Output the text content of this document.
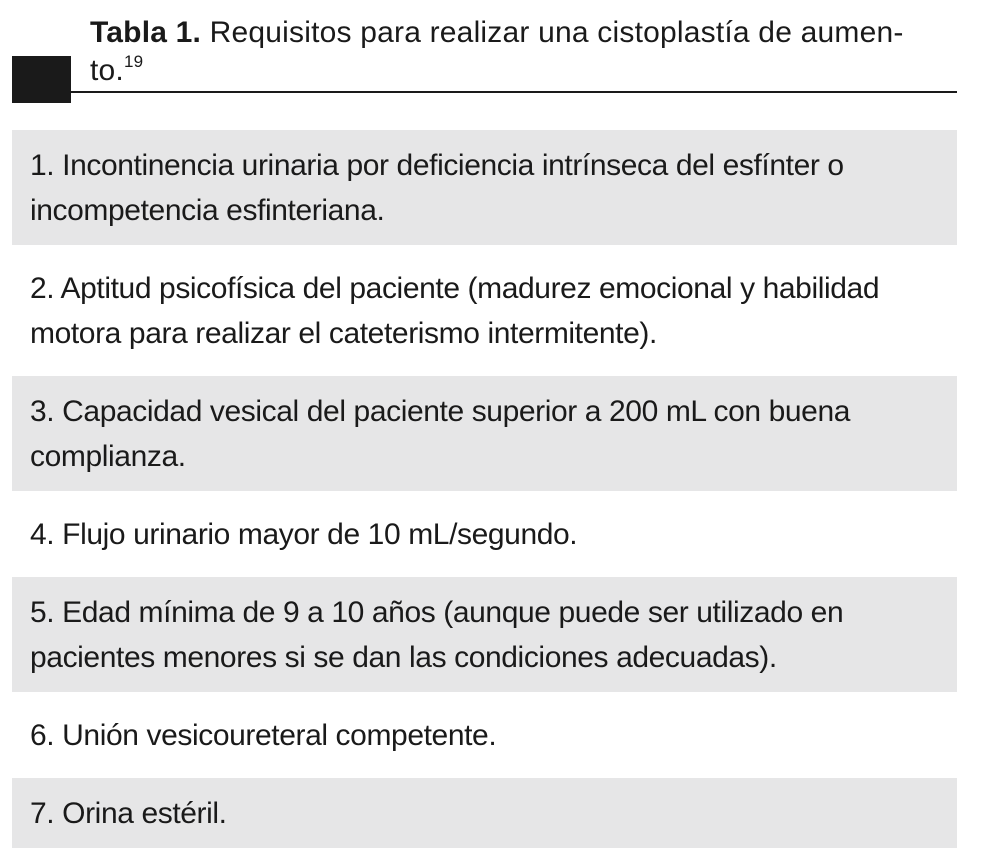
Tabla 1. Requisitos para realizar una cistoplastía de aumen-
to.$^{19}$
1. Incontinencia urinaria por deficiencia intrínseca del esfínter o incompetencia esfinteriana.
2. Aptitud psicofísica del paciente (madurez emocional y habilidad motora para realizar el cateterismo intermitente).
3. Capacidad vesical del paciente superior a 200 mL con buena complianza.
4. Flujo urinario mayor de 10 mL/segundo.
5. Edad mínima de 9 a 10 años (aunque puede ser utilizado en pacientes menores si se dan las condiciones adecuadas).
6. Unión vesicoureteral competente.
7. Orina estéril.
